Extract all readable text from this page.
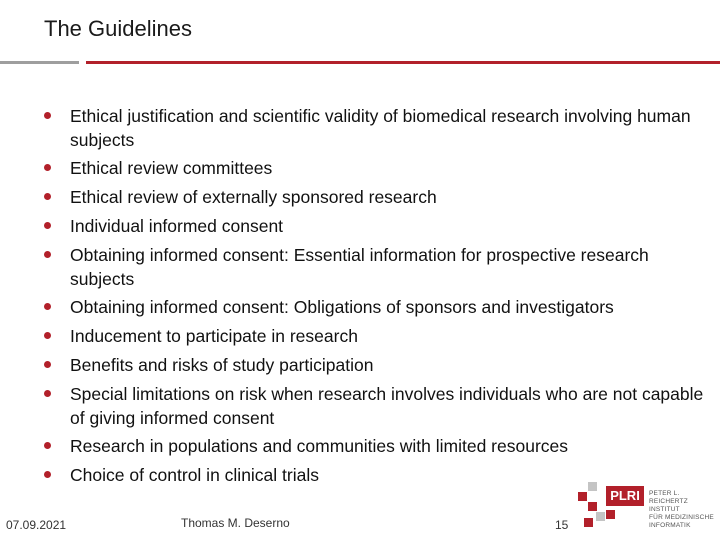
The Guidelines
Ethical justification and scientific validity of biomedical research involving human subjects
Ethical review committees
Ethical review of externally sponsored research
Individual informed consent
Obtaining informed consent: Essential information for prospective research subjects
Obtaining informed consent: Obligations of sponsors and investigators
Inducement to participate in research
Benefits and risks of study participation
Special limitations on risk when research involves individuals who are not capable of giving informed consent
Research in populations and communities with limited resources
Choice of control in clinical trials
07.09.2021	Thomas M. Deserno	15
PLRI	PETER L.
REICHERTZ INSTITUT
FÜR MEDIZINISCHE
INFORMATIK
